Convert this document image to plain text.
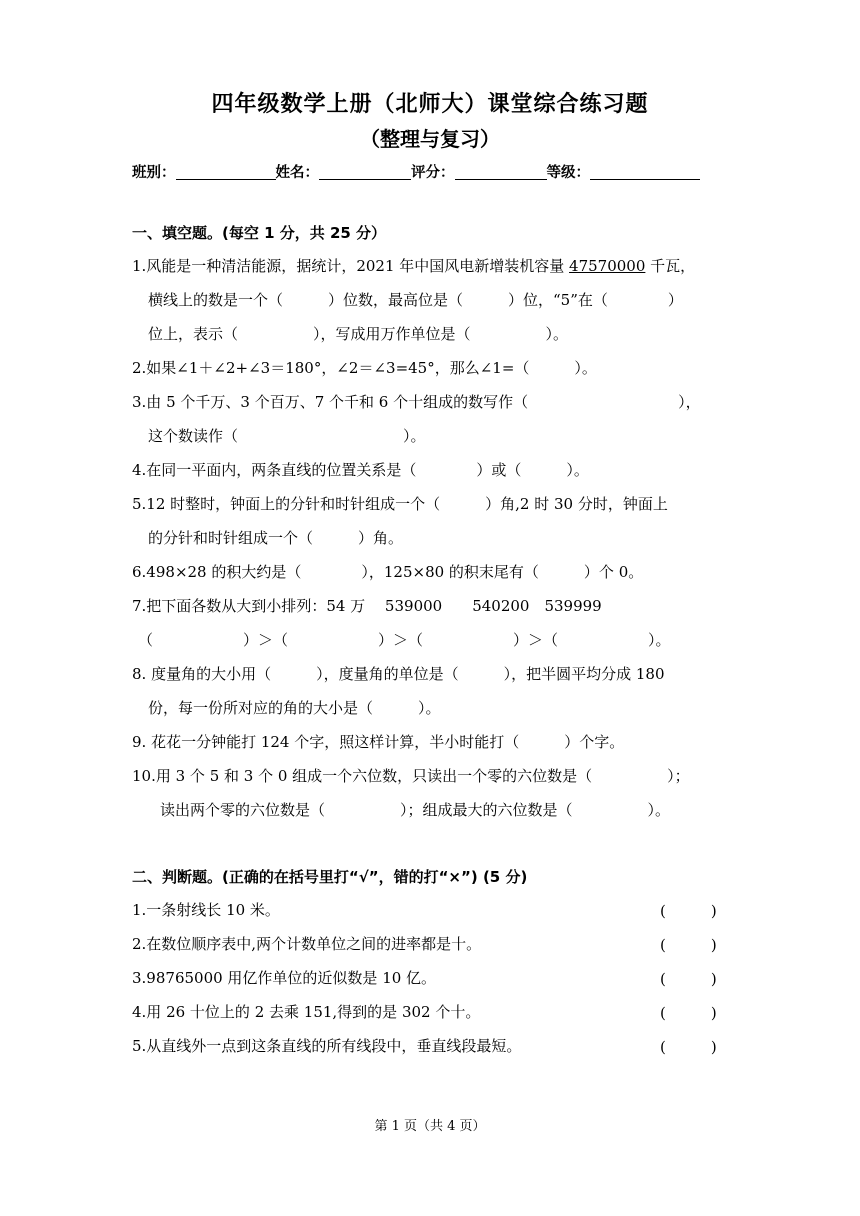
四年级数学上册（北师大）课堂综合练习题
（整理与复习）
班别：	姓名：	评分：	等级：
一、填空题。(每空 1 分，共 25 分）
1.风能是一种清洁能源，据统计，2021 年中国风电新增装机容量 47570000 千瓦，
横线上的数是一个（　　　）位数，最高位是（　　　）位，“5”在（　　　　）
位上，表示（　　　　　），写成用万作单位是（　　　　　）。
2.如果∠1＋∠2+∠3＝180°，∠2＝∠3=45°，那么∠1=（　　　）。
3.由 5 个千万、3 个百万、7 个千和 6 个十组成的数写作（　　　　　　　　　　），
这个数读作（　　　　　　　　　　　）。
4.在同一平面内，两条直线的位置关系是（　　　　）或（　　　）。
5.12 时整时，钟面上的分针和时针组成一个（　　　）角,2 时 30 分时，钟面上
的分针和时针组成一个（　　　）角。
6.498×28 的积大约是（　　　　），125×80 的积末尾有（　　　）个 0。
7.把下面各数从大到小排列：54 万　 539000　　540200　539999
（　　　　　　）＞（　　　　　　）＞（　　　　　　）＞（　　　　　　）。
8. 度量角的大小用（　　　），度量角的单位是（　　　），把半圆平均分成 180
份，每一份所对应的角的大小是（　　　）。
9. 花花一分钟能打 124 个字，照这样计算，半小时能打（　　　）个字。
10.用 3 个 5 和 3 个 0 组成一个六位数，只读出一个零的六位数是（　　　　　）；
读出两个零的六位数是（　　　　　）；组成最大的六位数是（　　　　　）。
二、判断题。(正确的在括号里打“√”，错的打“×”) (5 分)
1.一条射线长 10 米。	(　　　)
2.在数位顺序表中,两个计数单位之间的进率都是十。	(　　　)
3.98765000 用亿作单位的近似数是 10 亿。	(　　　)
4.用 26 十位上的 2 去乘 151,得到的是 302 个十。	(　　　)
5.从直线外一点到这条直线的所有线段中，垂直线段最短。	(　　　)
第 1 页（共 4 页）
